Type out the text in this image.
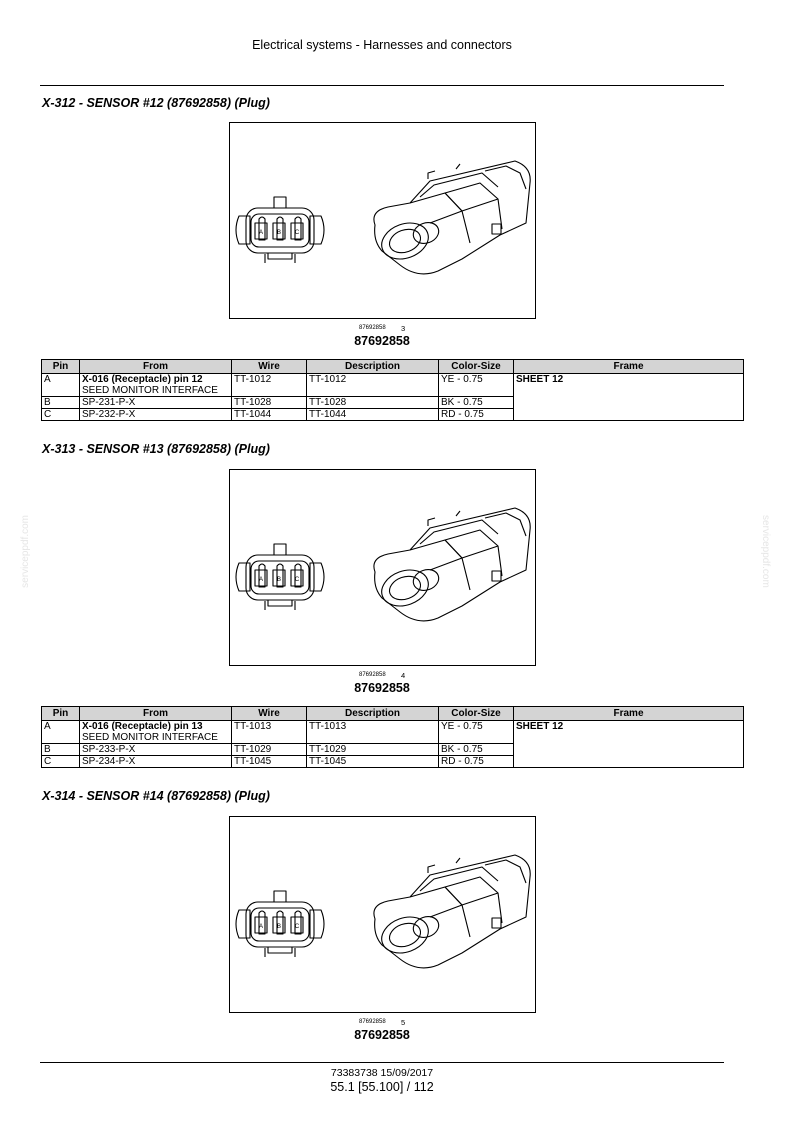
Electrical systems - Harnesses and connectors
serviceppdf.com	serviceppdf.com
X-312 - SENSOR #12 (87692858) (Plug)
A B C
87692858 3
87692858
Pin	From	Wire	Description	Color-Size	Frame
A	X-016 (Receptacle) pin 12
SEED MONITOR INTERFACE	TT-1012	TT-1012	YE - 0.75	SHEET 12
B	SP-231-P-X	TT-1028	TT-1028	BK - 0.75	
C	SP-232-P-X	TT-1044	TT-1044	RD - 0.75	
X-313 - SENSOR #13 (87692858) (Plug)
A B C
87692858 4
87692858
Pin	From	Wire	Description	Color-Size	Frame
A	X-016 (Receptacle) pin 13
SEED MONITOR INTERFACE	TT-1013	TT-1013	YE - 0.75	SHEET 12
B	SP-233-P-X	TT-1029	TT-1029	BK - 0.75	
C	SP-234-P-X	TT-1045	TT-1045	RD - 0.75	
X-314 - SENSOR #14 (87692858) (Plug)
A B C
87692858 5
87692858
73383738 15/09/2017
55.1 [55.100] / 112
